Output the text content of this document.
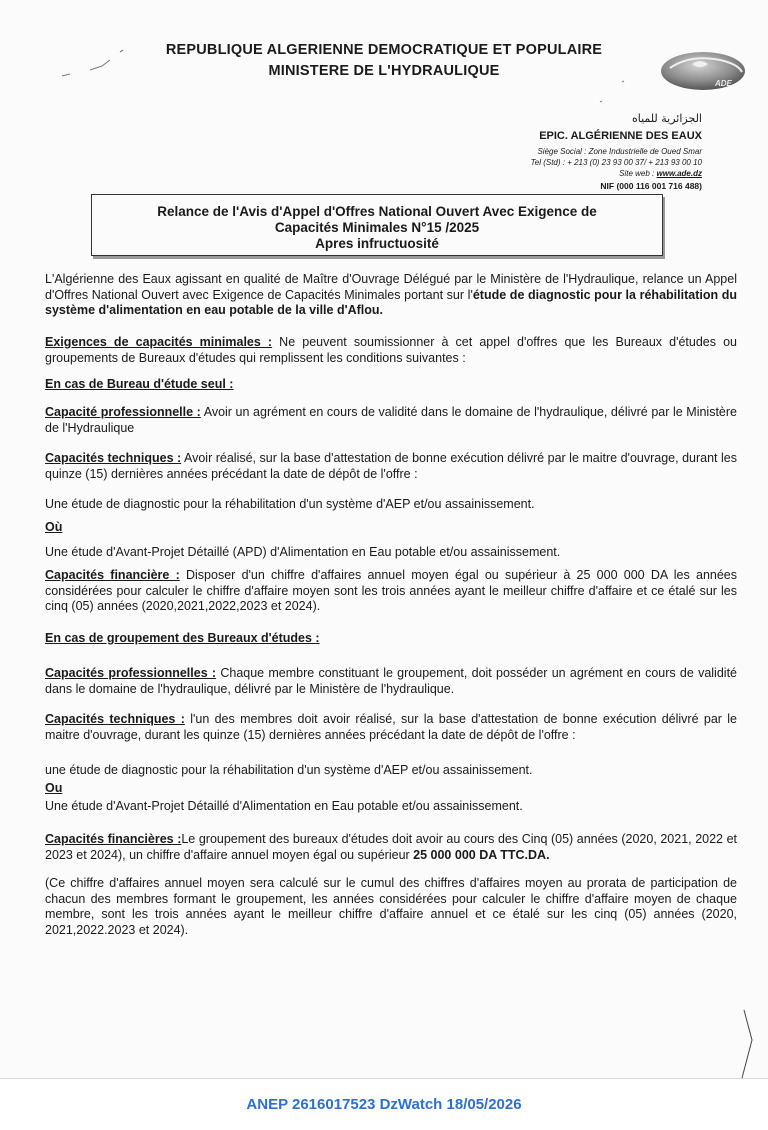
REPUBLIQUE ALGERIENNE DEMOCRATIQUE ET POPULAIRE
MINISTERE DE L'HYDRAULIQUE
ADE
الجزائرية للمياه
EPIC. ALGÉRIENNE DES EAUX
Siège Social : Zone Industrielle de Oued Smar
Tel (Std) : + 213 (0) 23 93 00 37/ + 213 93 00 10
Site web : www.ade.dz
NIF (000 116 001 716 488)
Relance de l'Avis d'Appel d'Offres National Ouvert Avec Exigence de
Capacités Minimales N°15 /2025
Apres infructuosité
L'Algérienne des Eaux agissant en qualité de Maître d'Ouvrage Délégué par le Ministère de l'Hydraulique, relance un Appel d'Offres National Ouvert avec Exigence de Capacités Minimales portant sur l'étude de diagnostic pour la réhabilitation du système d'alimentation en eau potable de la ville d'Aflou.
Exigences de capacités minimales : Ne peuvent soumissionner à cet appel d'offres que les Bureaux d'études ou groupements de Bureaux d'études qui remplissent les conditions suivantes :
En cas de Bureau d'étude seul :
Capacité professionnelle : Avoir un agrément en cours de validité dans le domaine de l'hydraulique, délivré par le Ministère de l'Hydraulique
Capacités techniques : Avoir réalisé, sur la base d'attestation de bonne exécution délivré par le maitre d'ouvrage, durant les quinze (15) dernières années précédant la date de dépôt de l'offre :
Une étude de diagnostic pour la réhabilitation d'un système d'AEP et/ou assainissement.
Où
Une étude d'Avant-Projet Détaillé (APD) d'Alimentation en Eau potable et/ou assainissement.
Capacités financière : Disposer d'un chiffre d'affaires annuel moyen égal ou supérieur à 25 000 000 DA les années considérées pour calculer le chiffre d'affaire moyen sont les trois années ayant le meilleur chiffre d'affaire et ce étalé sur les cinq (05) années (2020,2021,2022,2023 et 2024).
En cas de groupement des Bureaux d'études :
Capacités professionnelles : Chaque membre constituant le groupement, doit posséder un agrément en cours de validité dans le domaine de l'hydraulique, délivré par le Ministère de l'hydraulique.
Capacités techniques : l'un des membres doit avoir réalisé, sur la base d'attestation de bonne exécution délivré par le maitre d'ouvrage, durant les quinze (15) dernières années précédant la date de dépôt de l'offre :
une étude de diagnostic pour la réhabilitation d'un système d'AEP et/ou assainissement.
Ou
Une étude d'Avant-Projet Détaillé d'Alimentation en Eau potable et/ou assainissement.
Capacités financières :Le groupement des bureaux d'études doit avoir au cours des Cinq (05) années (2020, 2021, 2022 et 2023 et 2024), un chiffre d'affaire annuel moyen égal ou supérieur 25 000 000 DA TTC.DA.
(Ce chiffre d'affaires annuel moyen sera calculé sur le cumul des chiffres d'affaires moyen au prorata de participation de chacun des membres formant le groupement, les années considérées pour calculer le chiffre d'affaire moyen de chaque membre, sont les trois années ayant le meilleur chiffre d'affaire annuel et ce étalé sur les cinq (05) années (2020, 2021,2022.2023 et 2024).
ANEP 2616017523 DzWatch 18/05/2026
